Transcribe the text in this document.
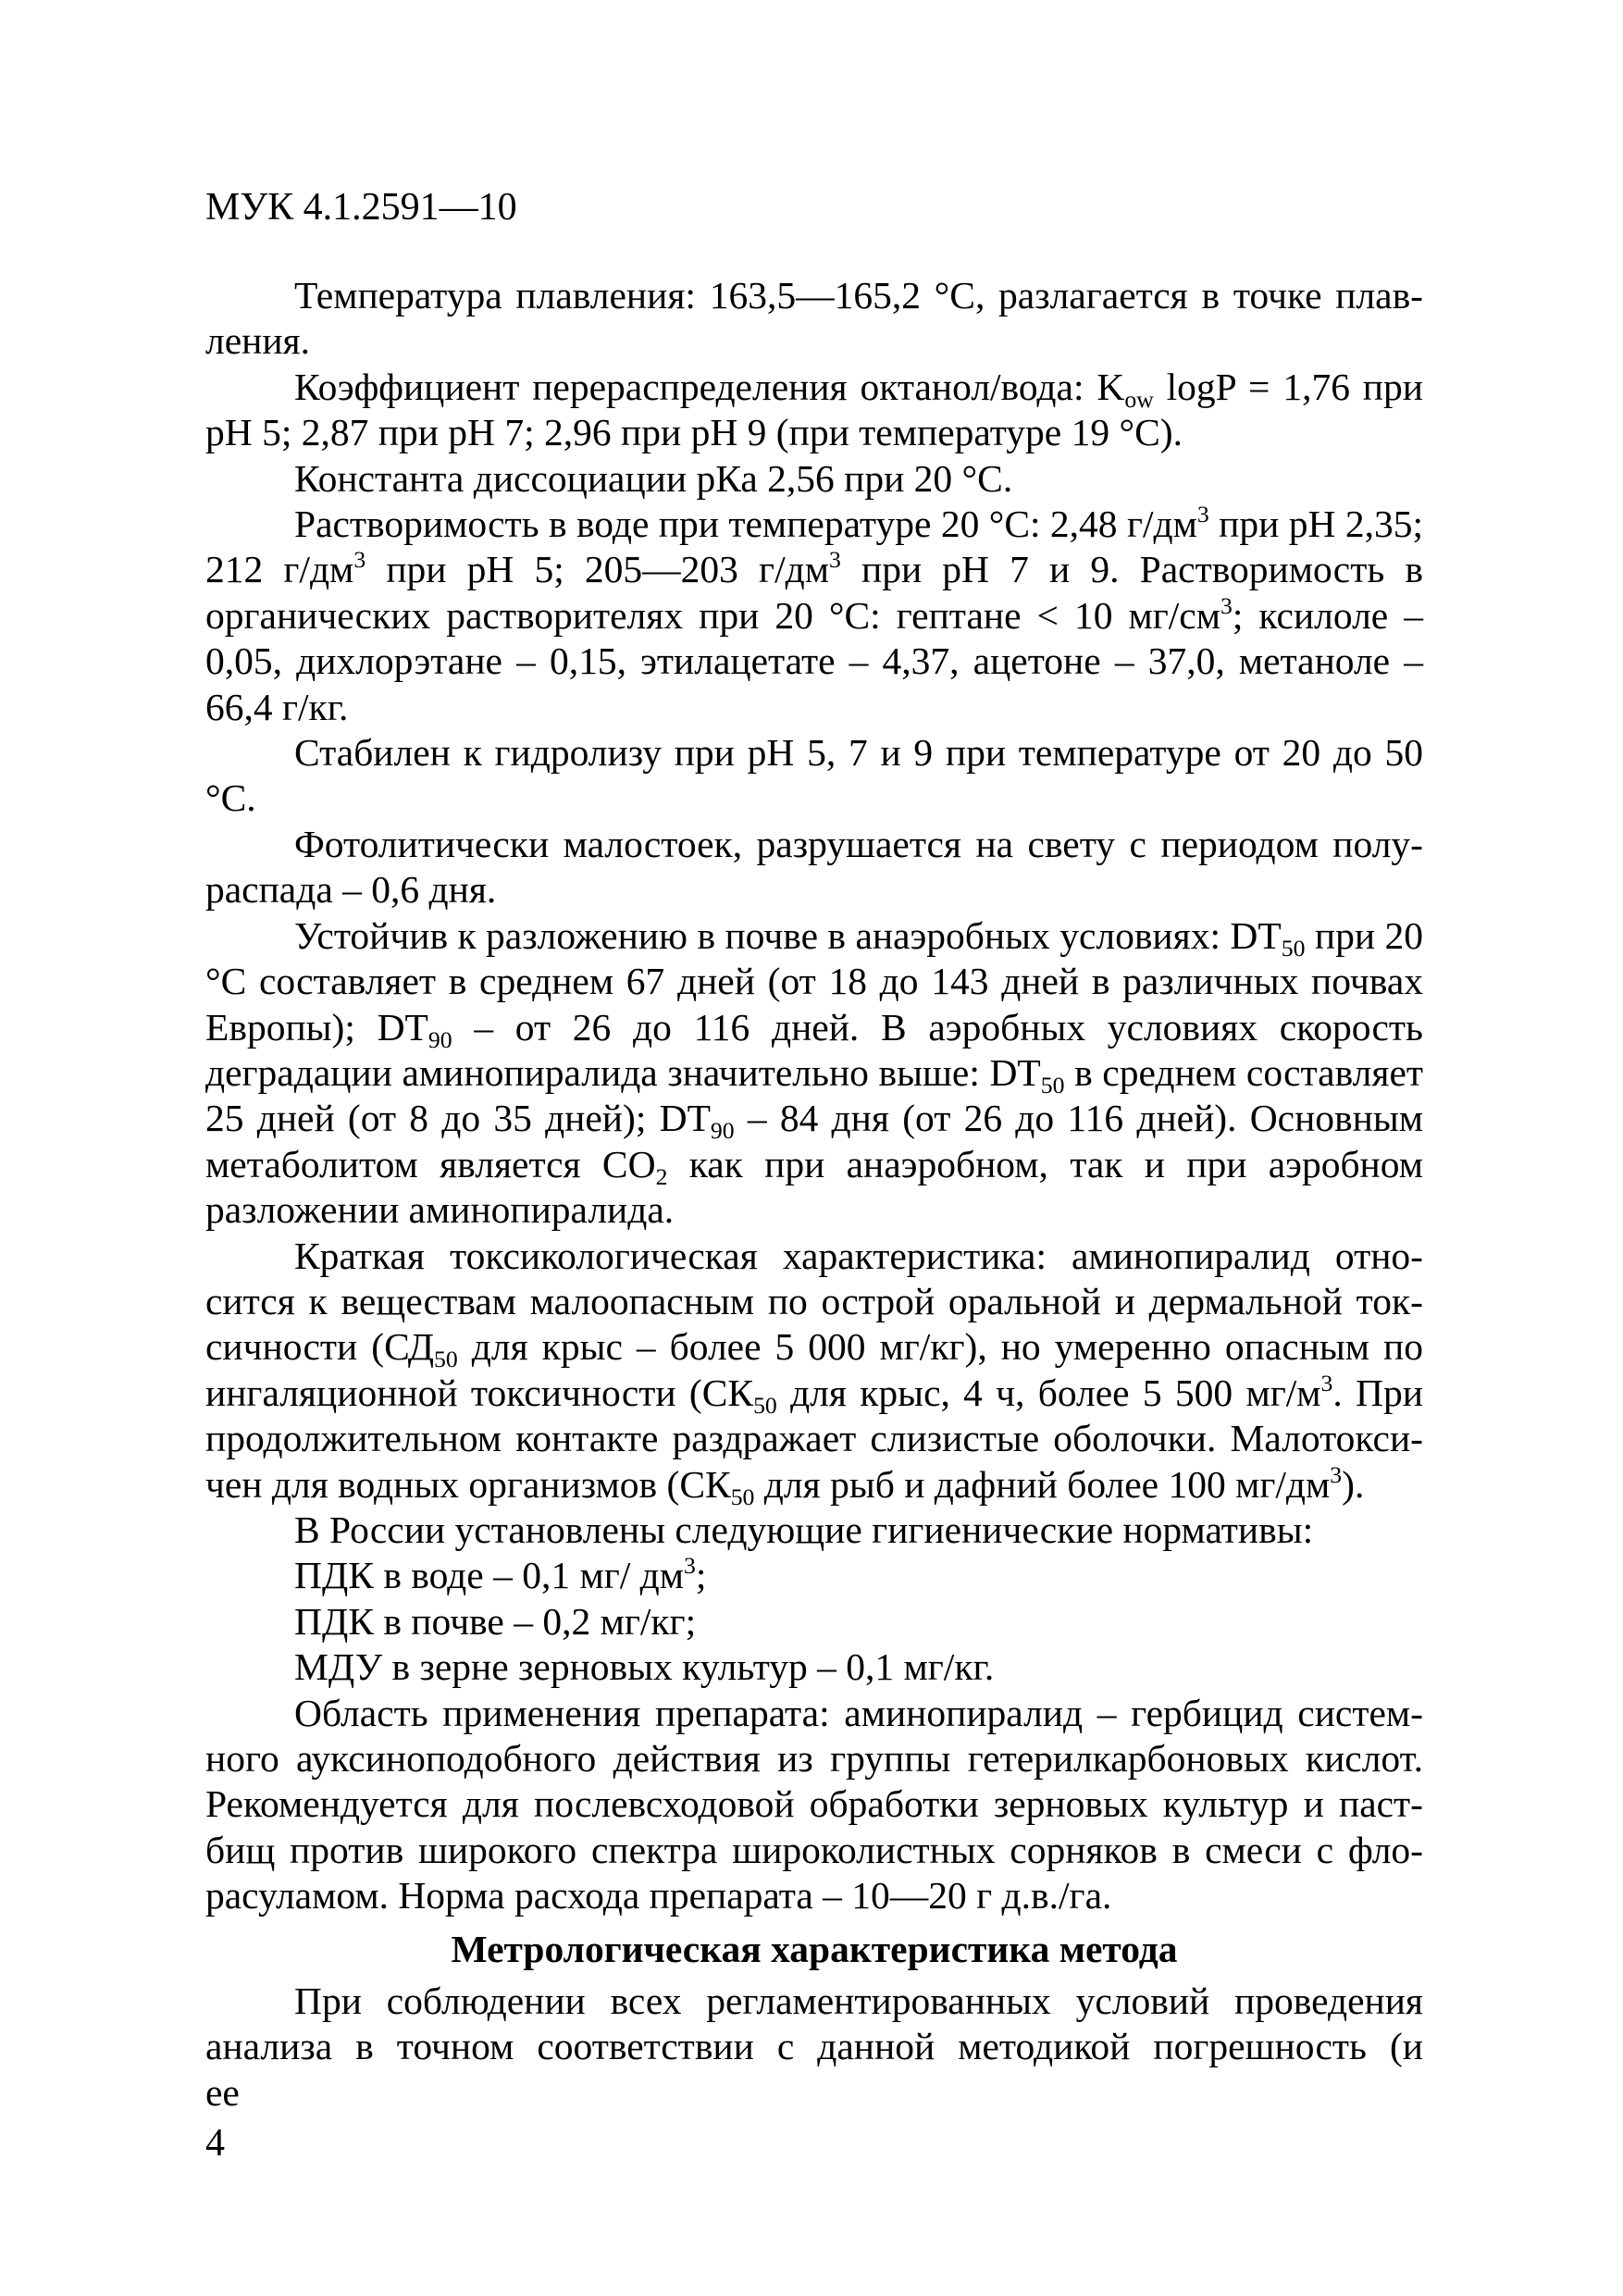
МУК 4.1.2591—10

Температура плавления: 163,5—165,2 °С, разлагается в точке плавления.

Коэффициент перераспределения октанол/вода: $K_{ow}$ logP = 1,76 при рН 5; 2,87 при рН 7; 2,96 при рН 9 (при температуре 19 °С).

Константа диссоциации рКа 2,56 при 20 °С.

Растворимость в воде при температуре 20 °С: 2,48 $г/дм^3$ при рН 2,35; 212 $г/дм^3$ при рН 5; 205—203 $г/дм^3$ при рН 7 и 9. Растворимость в органических растворителях при 20 °С: гептане < 10 $мг/см^3$; ксилоле – 0,05, дихлорэтане – 0,15, этилацетате – 4,37, ацетоне – 37,0, метаноле – 66,4 г/кг.

Стабилен к гидролизу при рН 5, 7 и 9 при температуре от 20 до 50 °С.

Фотолитически малостоек, разрушается на свету с периодом полураспада – 0,6 дня.

Устойчив к разложению в почве в анаэробных условиях: $DT_{50}$ при 20 °С составляет в среднем 67 дней (от 18 до 143 дней в различных почвах Европы); $DT_{90}$ – от 26 до 116 дней. В аэробных условиях скорость деградации аминопиралида значительно выше: $DT_{50}$ в среднем составляет 25 дней (от 8 до 35 дней); $DT_{90} - 84$ дня (от 26 до 116 дней). Основным метаболитом является $СО_2$ как при анаэробном, так и при аэробном разложении аминопиралида.

Краткая токсикологическая характеристика: аминопиралид относится к веществам малоопасным по острой оральной и дермальной токсичности ($СД_{50}$ для крыс – более 5 000 мг/кг), но умеренно опасным по ингаляционной токсичности ($СК_{50}$ для крыс, 4 ч, более 5 500 $мг/м^3$. При продолжительном контакте раздражает слизистые оболочки. Малотоксичен для водных организмов ($СК_{50}$ для рыб и дафний более 100 $мг/дм^3$).

В России установлены следующие гигиенические нормативы:

ПДК в воде – 0,1 мг/ $дм^3$;

ПДК в почве – 0,2 мг/кг;

МДУ в зерне зерновых культур – 0,1 мг/кг.

Область применения препарата: аминопиралид – гербицид системного ауксиноподобного действия из группы гетерилкарбоновых кислот. Рекомендуется для послевсходовой обработки зерновых культур и пастбищ против широкого спектра широколистных сорняков в смеси с флорасуламом. Норма расхода препарата – 10—20 г д.в./га.

Метрологическая характеристика метода

При соблюдении всех регламентированных условий проведения анализа в точном соответствии с данной методикой погрешность (и ее

4
